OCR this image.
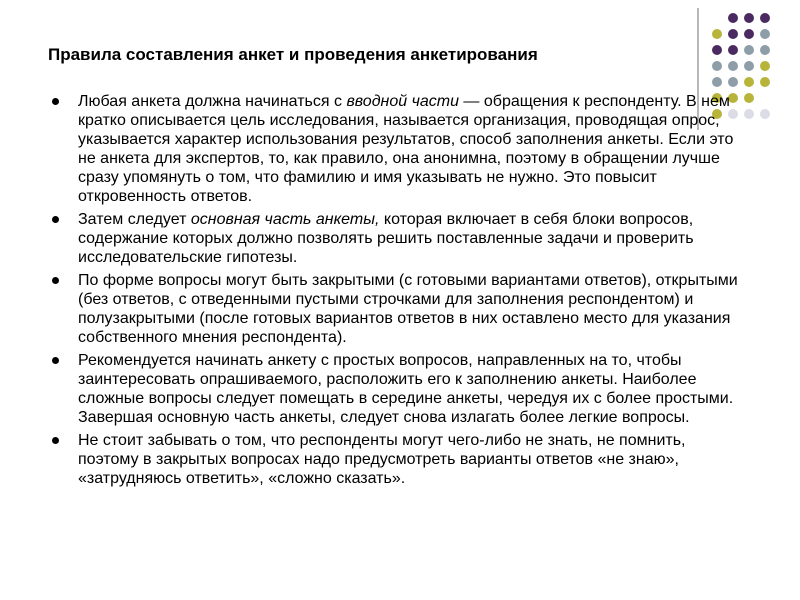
Правила составления анкет и проведения анкетирования
Любая анкета должна начинаться с вводной части — обращения к респонденту. В нем кратко описывается цель исследования, называется организация, проводящая опрос, указывается характер использования результатов, способ заполнения анкеты. Если это не анкета для экспертов, то, как правило, она анонимна, поэтому в обращении лучше сразу упомянуть о том, что фамилию и имя указывать не нужно. Это повысит откровенность ответов.
Затем следует основная часть анкеты, которая включает в себя блоки вопросов, содержание которых должно позволять решить поставленные задачи и проверить исследовательские гипотезы.
По форме вопросы могут быть закрытыми (с готовыми вариантами ответов), открытыми (без ответов, с отведенными пустыми строчками для заполнения респондентом) и полузакрытыми (после готовых вариантов ответов в них оставлено место для указания собственного мнения респондента).
Рекомендуется начинать анкету с простых вопросов, направленных на то, чтобы заинтересовать опрашиваемого, расположить его к заполнению анкеты. Наиболее сложные вопросы следует помещать в середине анкеты, чередуя их с более простыми. Завершая основную часть анкеты, следует снова излагать более легкие вопросы.
Не стоит забывать о том, что респонденты могут чего-либо не знать, не помнить, поэтому в закрытых вопросах надо предусмотреть варианты ответов «не знаю», «затрудняюсь ответить», «сложно сказать».
